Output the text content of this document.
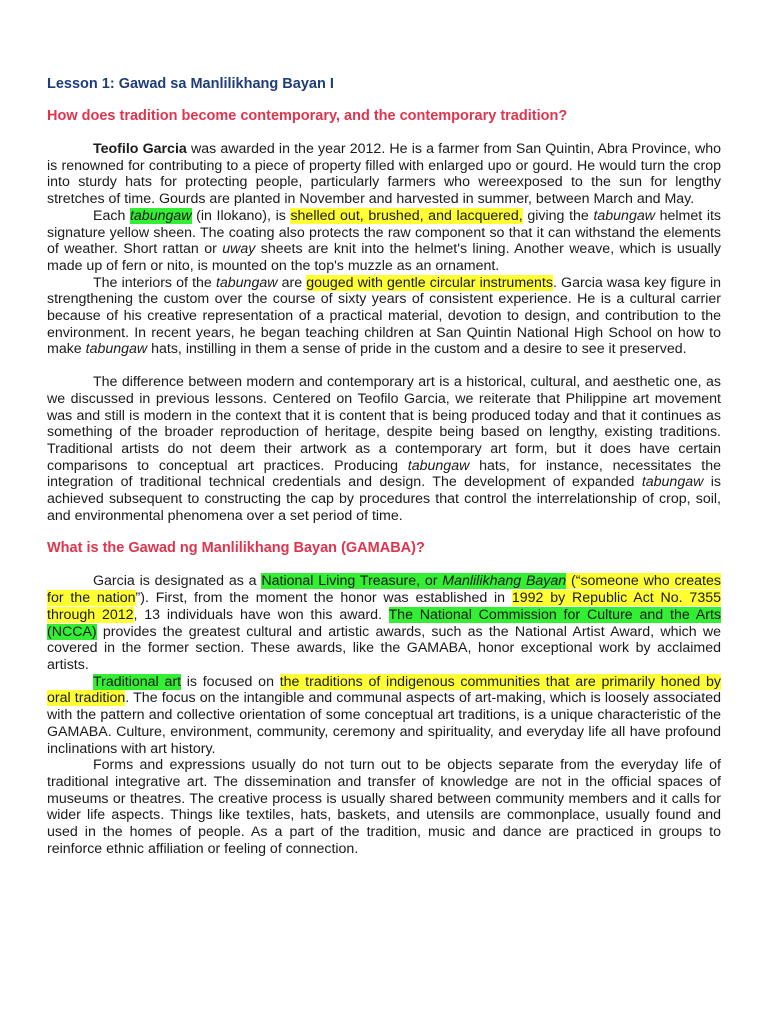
Lesson 1: Gawad sa Manlilikhang Bayan I
How does tradition become contemporary, and the contemporary tradition?

Teofilo Garcia was awarded in the year 2012. He is a farmer from San Quintin, Abra Province, who is renowned for contributing to a piece of property filled with enlarged upo or gourd. He would turn the crop into sturdy hats for protecting people, particularly farmers who wereexposed to the sun for lengthy stretches of time. Gourds are planted in November and harvested in summer, between March and May.

Each tabungaw (in Ilokano), is shelled out, brushed, and lacquered, giving the tabungaw helmet its signature yellow sheen. The coating also protects the raw component so that it can withstand the elements of weather. Short rattan or uway sheets are knit into the helmet's lining. Another weave, which is usually made up of fern or nito, is mounted on the top's muzzle as an ornament.

The interiors of the tabungaw are gouged with gentle circular instruments. Garcia wasa key figure in strengthening the custom over the course of sixty years of consistent experience. He is a cultural carrier because of his creative representation of a practical material, devotion to design, and contribution to the environment. In recent years, he began teaching children at San Quintin National High School on how to make tabungaw hats, instilling in them a sense of pride in the custom and a desire to see it preserved.

The difference between modern and contemporary art is a historical, cultural, and aesthetic one, as we discussed in previous lessons. Centered on Teofilo Garcia, we reiterate that Philippine art movement was and still is modern in the context that it is content that is being produced today and that it continues as something of the broader reproduction of heritage, despite being based on lengthy, existing traditions. Traditional artists do not deem their artwork as a contemporary art form, but it does have certain comparisons to conceptual art practices. Producing tabungaw hats, for instance, necessitates the integration of traditional technical credentials and design. The development of expanded tabungaw is achieved subsequent to constructing the cap by procedures that control the interrelationship of crop, soil, and environmental phenomena over a set period of time.

What is the Gawad ng Manlilikhang Bayan (GAMABA)?

Garcia is designated as a National Living Treasure, or Manlilikhang Bayan (“someone who creates for the nation”). First, from the moment the honor was established in 1992 by Republic Act No. 7355 through 2012, 13 individuals have won this award. The National Commission for Culture and the Arts (NCCA) provides the greatest cultural and artistic awards, such as the National Artist Award, which we covered in the former section. These awards, like the GAMABA, honor exceptional work by acclaimed artists.

Traditional art is focused on the traditions of indigenous communities that are primarily honed by oral tradition. The focus on the intangible and communal aspects of art-making, which is loosely associated with the pattern and collective orientation of some conceptual art traditions, is a unique characteristic of the GAMABA. Culture, environment, community, ceremony and spirituality, and everyday life all have profound inclinations with art history.

Forms and expressions usually do not turn out to be objects separate from the everyday life of traditional integrative art. The dissemination and transfer of knowledge are not in the official spaces of museums or theatres. The creative process is usually shared between community members and it calls for wider life aspects. Things like textiles, hats, baskets, and utensils are commonplace, usually found and used in the homes of people. As a part of the tradition, music and dance are practiced in groups to reinforce ethnic affiliation or feeling of connection.
